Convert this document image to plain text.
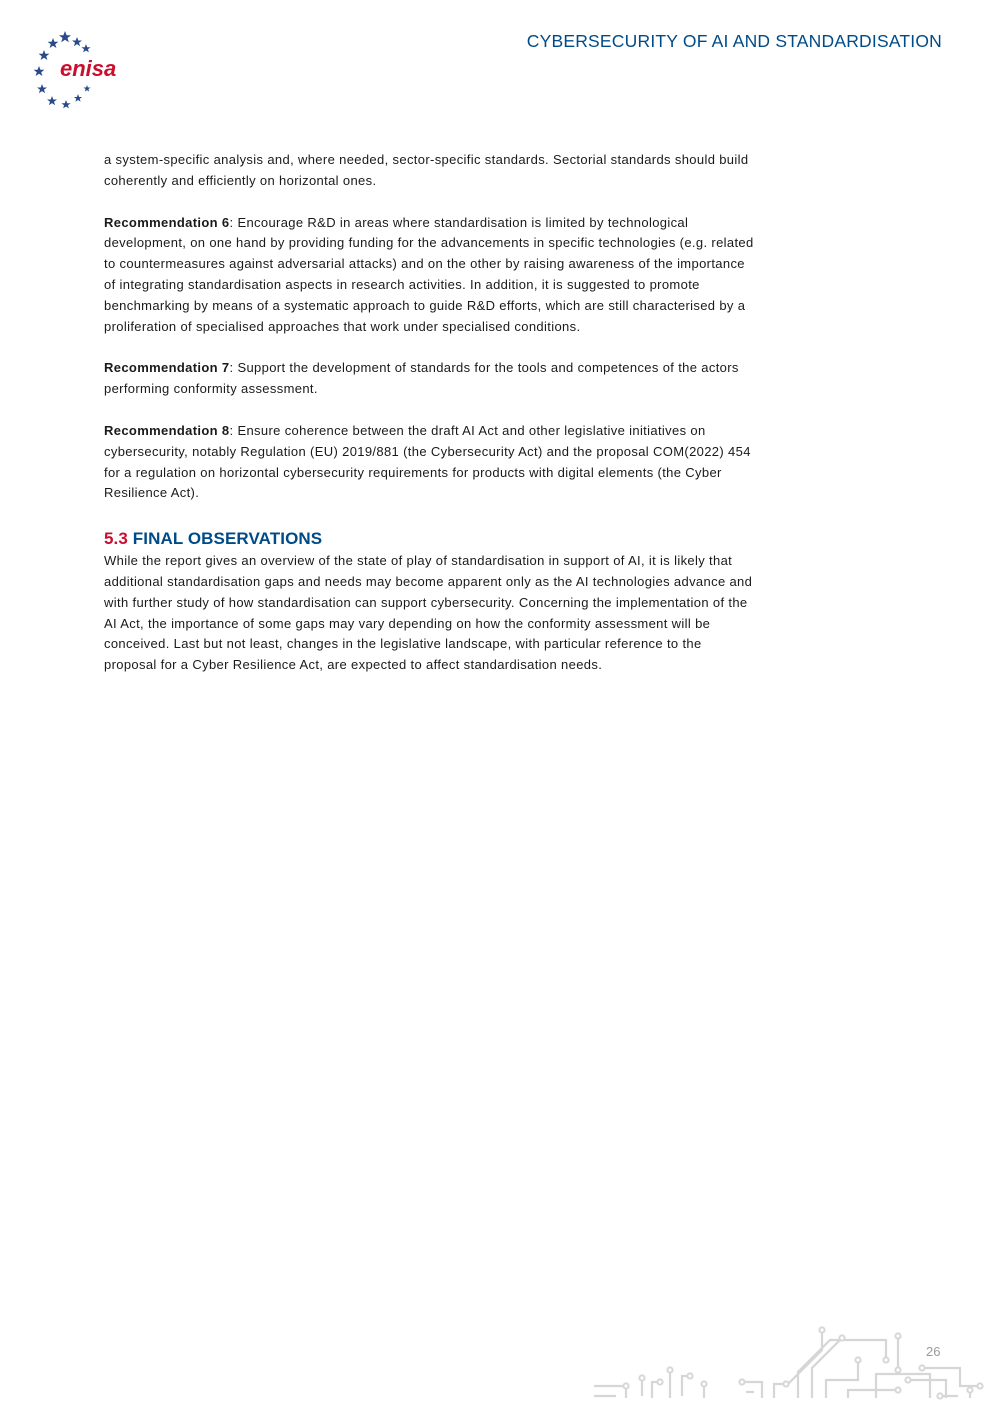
enisa
CYBERSECURITY OF AI AND STANDARDISATION

a system-specific analysis and, where needed, sector-specific standards. Sectorial standards should build coherently and efficiently on horizontal ones.

Recommendation 6: Encourage R&D in areas where standardisation is limited by technological development, on one hand by providing funding for the advancements in specific technologies (e.g. related to countermeasures against adversarial attacks) and on the other by raising awareness of the importance of integrating standardisation aspects in research activities. In addition, it is suggested to promote benchmarking by means of a systematic approach to guide R&D efforts, which are still characterised by a proliferation of specialised approaches that work under specialised conditions.

Recommendation 7: Support the development of standards for the tools and competences of the actors performing conformity assessment.

Recommendation 8: Ensure coherence between the draft AI Act and other legislative initiatives on cybersecurity, notably Regulation (EU) 2019/881 (the Cybersecurity Act) and the proposal COM(2022) 454 for a regulation on horizontal cybersecurity requirements for products with digital elements (the Cyber Resilience Act).

5.3 FINAL OBSERVATIONS

While the report gives an overview of the state of play of standardisation in support of AI, it is likely that additional standardisation gaps and needs may become apparent only as the AI technologies advance and with further study of how standardisation can support cybersecurity. Concerning the implementation of the AI Act, the importance of some gaps may vary depending on how the conformity assessment will be conceived. Last but not least, changes in the legislative landscape, with particular reference to the proposal for a Cyber Resilience Act, are expected to affect standardisation needs.

26
